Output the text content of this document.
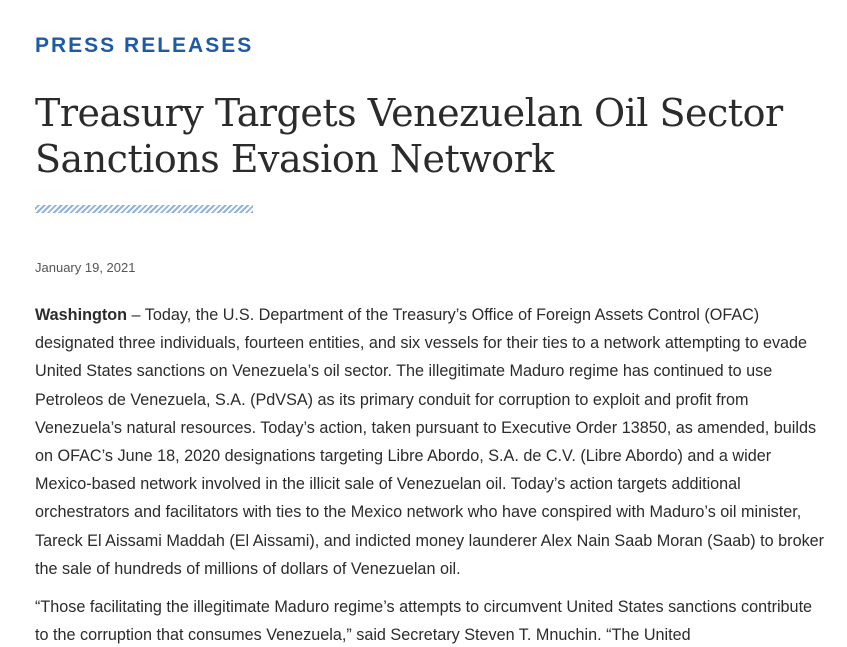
PRESS RELEASES
Treasury Targets Venezuelan Oil Sector
Sanctions Evasion Network

January 19, 2021

Washington – Today, the U.S. Department of the Treasury’s Office of Foreign Assets Control (OFAC) designated three individuals, fourteen entities, and six vessels for their ties to a network attempting to evade United States sanctions on Venezuela’s oil sector. The illegitimate Maduro regime has continued to use Petroleos de Venezuela, S.A. (PdVSA) as its primary conduit for corruption to exploit and profit from Venezuela’s natural resources. Today’s action, taken pursuant to Executive Order 13850, as amended, builds on OFAC’s June 18, 2020 designations targeting Libre Abordo, S.A. de C.V. (Libre Abordo) and a wider Mexico-based network involved in the illicit sale of Venezuelan oil. Today’s action targets additional orchestrators and facilitators with ties to the Mexico network who have conspired with Maduro’s oil minister, Tareck El Aissami Maddah (El Aissami), and indicted money launderer Alex Nain Saab Moran (Saab) to broker the sale of hundreds of millions of dollars of Venezuelan oil.

“Those facilitating the illegitimate Maduro regime’s attempts to circumvent United States sanctions contribute to the corruption that consumes Venezuela,” said Secretary Steven T. Mnuchin. “The United
